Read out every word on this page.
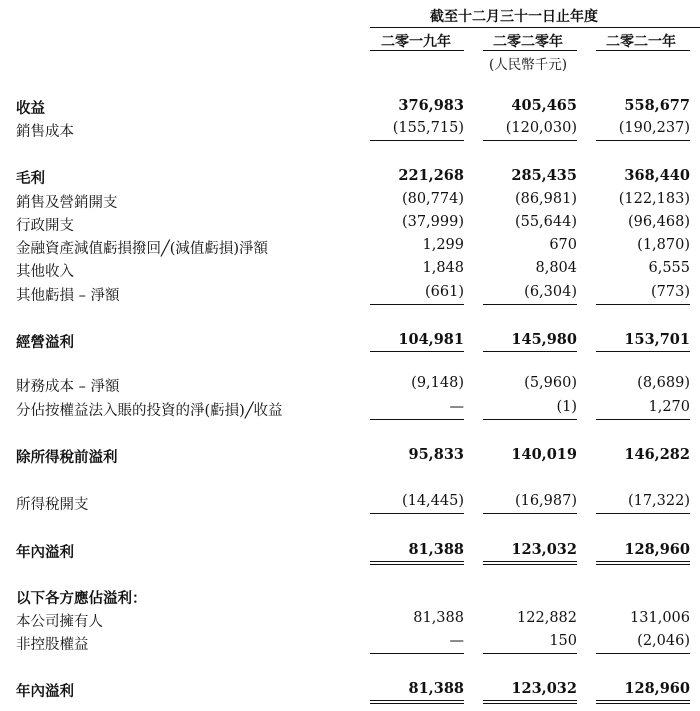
截至十二月三十一日止年度
二零一九年	二零二零年	二零二一年
(人民幣千元)
收益	376,983	405,465	558,677
銷售成本	(155,715)	(120,030)	(190,237)
毛利	221,268	285,435	368,440
銷售及營銷開支	(80,774)	(86,981)	(122,183)
行政開支	(37,999)	(55,644)	(96,468)
金融資產減值虧損撥回╱(減值虧損)淨額	1,299	670	(1,870)
其他收入	1,848	8,804	6,555
其他虧損 – 淨額	(661)	(6,304)	(773)
經營溢利	104,981	145,980	153,701
財務成本 – 淨額	(9,148)	(5,960)	(8,689)
分佔按權益法入賬的投資的淨(虧損)╱收益	—	(1)	1,270
除所得稅前溢利	95,833	140,019	146,282
所得稅開支	(14,445)	(16,987)	(17,322)
年內溢利	81,388	123,032	128,960
以下各方應佔溢利：
本公司擁有人	81,388	122,882	131,006
非控股權益	—	150	(2,046)
年內溢利	81,388	123,032	128,960
